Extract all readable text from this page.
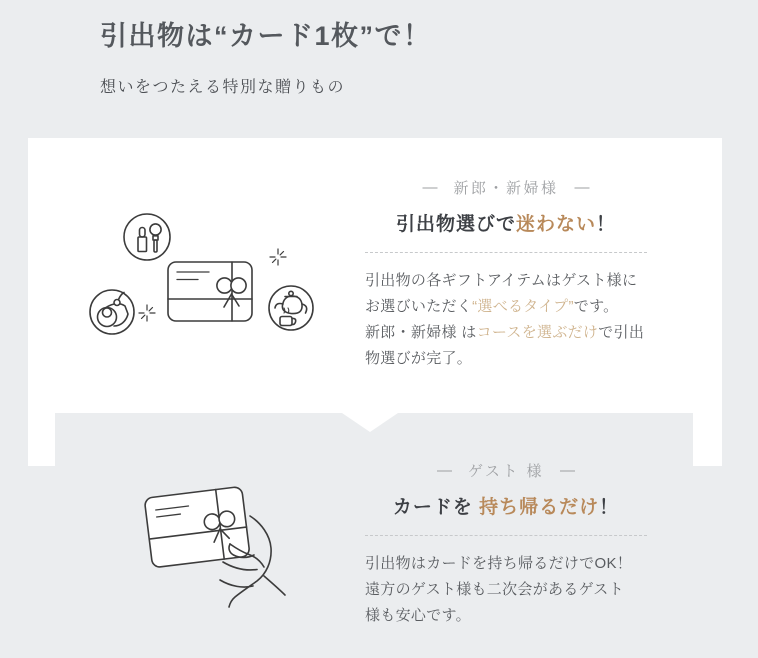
引出物は“カード1枚”で！

想いをつたえる特別な贈りもの

— 新郎・新婦様 —
引出物選びで迷わない！

引出物の各ギフトアイテムはゲスト様に
お選びいただく“選べるタイプ”です。
新郎・新婦様 はコースを選ぶだけで引出
物選びが完了。

— ゲスト 様 —
カードを 持ち帰るだけ！

引出物はカードを持ち帰るだけでOK！
遠方のゲスト様も二次会があるゲスト
様も安心です。
